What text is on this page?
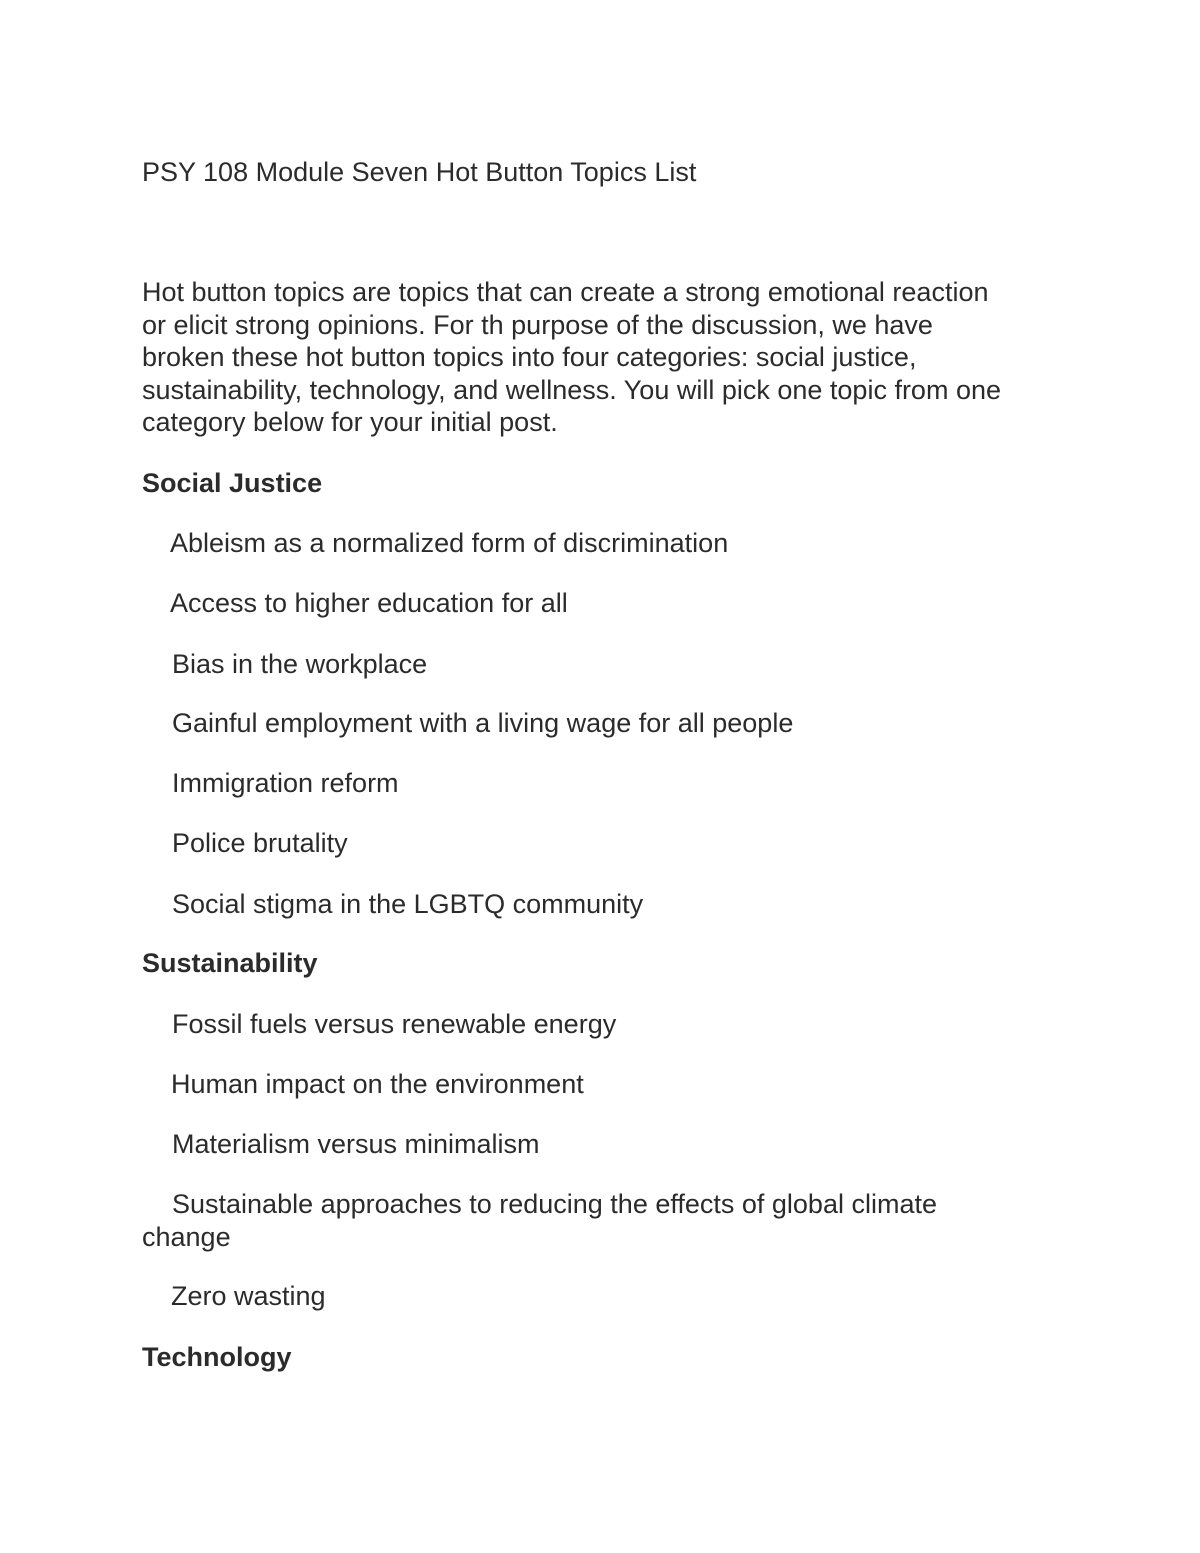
PSY 108 Module Seven Hot Button Topics List

Hot button topics are topics that can create a strong emotional reaction
or elicit strong opinions. For th purpose of the discussion, we have
broken these hot button topics into four categories: social justice,
sustainability, technology, and wellness. You will pick one topic from one
category below for your initial post.

Social Justice

Ableism as a normalized form of discrimination

Access to higher education for all

Bias in the workplace

Gainful employment with a living wage for all people

Immigration reform

Police brutality

Social stigma in the LGBTQ community

Sustainability

Fossil fuels versus renewable energy

Human impact on the environment

Materialism versus minimalism

Sustainable approaches to reducing the effects of global climate

change

Zero wasting

Technology
